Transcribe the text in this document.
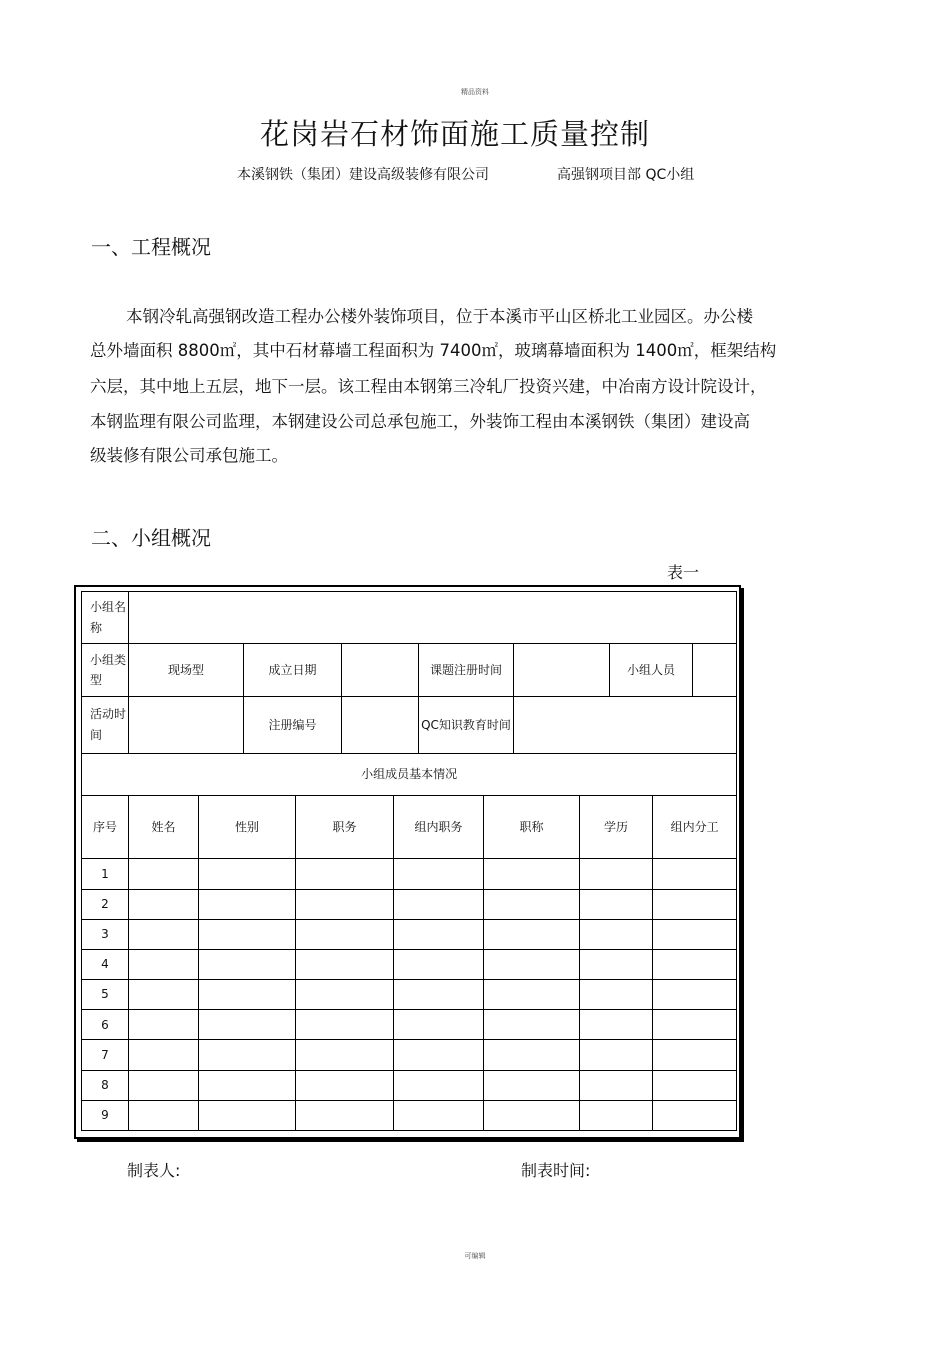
精品资料
花岗岩石材饰面施工质量控制
本溪钢铁（集团）建设高级装修有限公司	高强钢项目部 QC小组
一、工程概况
本钢冷轧高强钢改造工程办公楼外装饰项目，位于本溪市平山区桥北工业园区。办公楼
总外墙面积 8800㎡，其中石材幕墙工程面积为 7400㎡，玻璃幕墙面积为 1400㎡，框架结构
六层，其中地上五层，地下一层。该工程由本钢第三冷轧厂投资兴建，中冶南方设计院设计，
本钢监理有限公司监理，本钢建设公司总承包施工，外装饰工程由本溪钢铁（集团）建设高
级装修有限公司承包施工。
二、小组概况
表一
小组名称													
小组类型	现场型		成立日期				课题注册时间				小组人员		
活动时间			注册编号				QC知识教育时间						
小组成员基本情况													
序号	姓名	性别		职务		组内职务		职称		学历		组内分工	
1													
2													
3													
4													
5													
6													
7													
8													
9													
制表人:	制表时间:
可编辑
